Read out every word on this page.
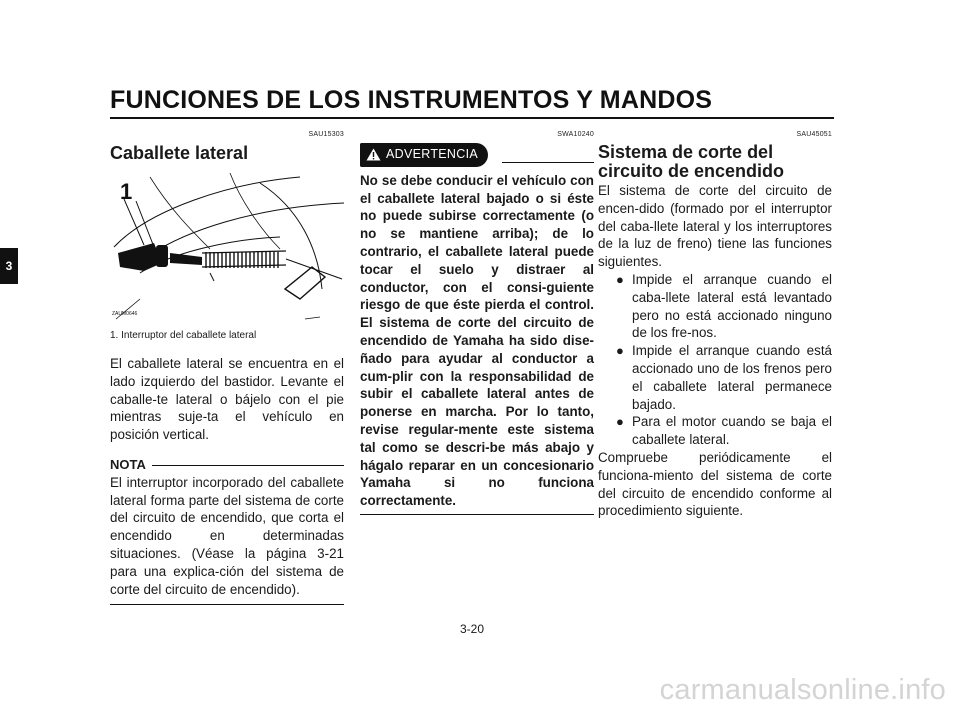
FUNCIONES DE LOS INSTRUMENTOS Y MANDOS
3
SAU15303
Caballete lateral
1
ZAUM0646
1. Interruptor del caballete lateral

El caballete lateral se encuentra en el lado izquierdo del bastidor. Levante el caballe-te lateral o bájelo con el pie mientras suje-ta el vehículo en posición vertical.

NOTA

El interruptor incorporado del caballete lateral forma parte del sistema de corte del circuito de encendido, que corta el encendido en determinadas situaciones. (Véase la página 3-21 para una explica-ción del sistema de corte del circuito de encendido).

SWA10240
ADVERTENCIA

No se debe conducir el vehículo con el caballete lateral bajado o si éste no puede subirse correctamente (o no se mantiene arriba); de lo contrario, el caballete lateral puede tocar el suelo y distraer al conductor, con el consi-guiente riesgo de que éste pierda el control. El sistema de corte del circuito de encendido de Yamaha ha sido dise-ñado para ayudar al conductor a cum-plir con la responsabilidad de subir el caballete lateral antes de ponerse en marcha. Por lo tanto, revise regular-mente este sistema tal como se descri-be más abajo y hágalo reparar en un concesionario Yamaha si no funciona correctamente.

SAU45051
Sistema de corte del circuito de encendido

El sistema de corte del circuito de encen-dido (formado por el interruptor del caba-llete lateral y los interruptores de la luz de freno) tiene las funciones siguientes.

● Impide el arranque cuando el caba-llete lateral está levantado pero no está accionado ninguno de los fre-nos.
● Impide el arranque cuando está accionado uno de los frenos pero el caballete lateral permanece bajado.
● Para el motor cuando se baja el caballete lateral.

Compruebe periódicamente el funciona-miento del sistema de corte del circuito de encendido conforme al procedimiento siguiente.

3-20
carmanualsonline.info
